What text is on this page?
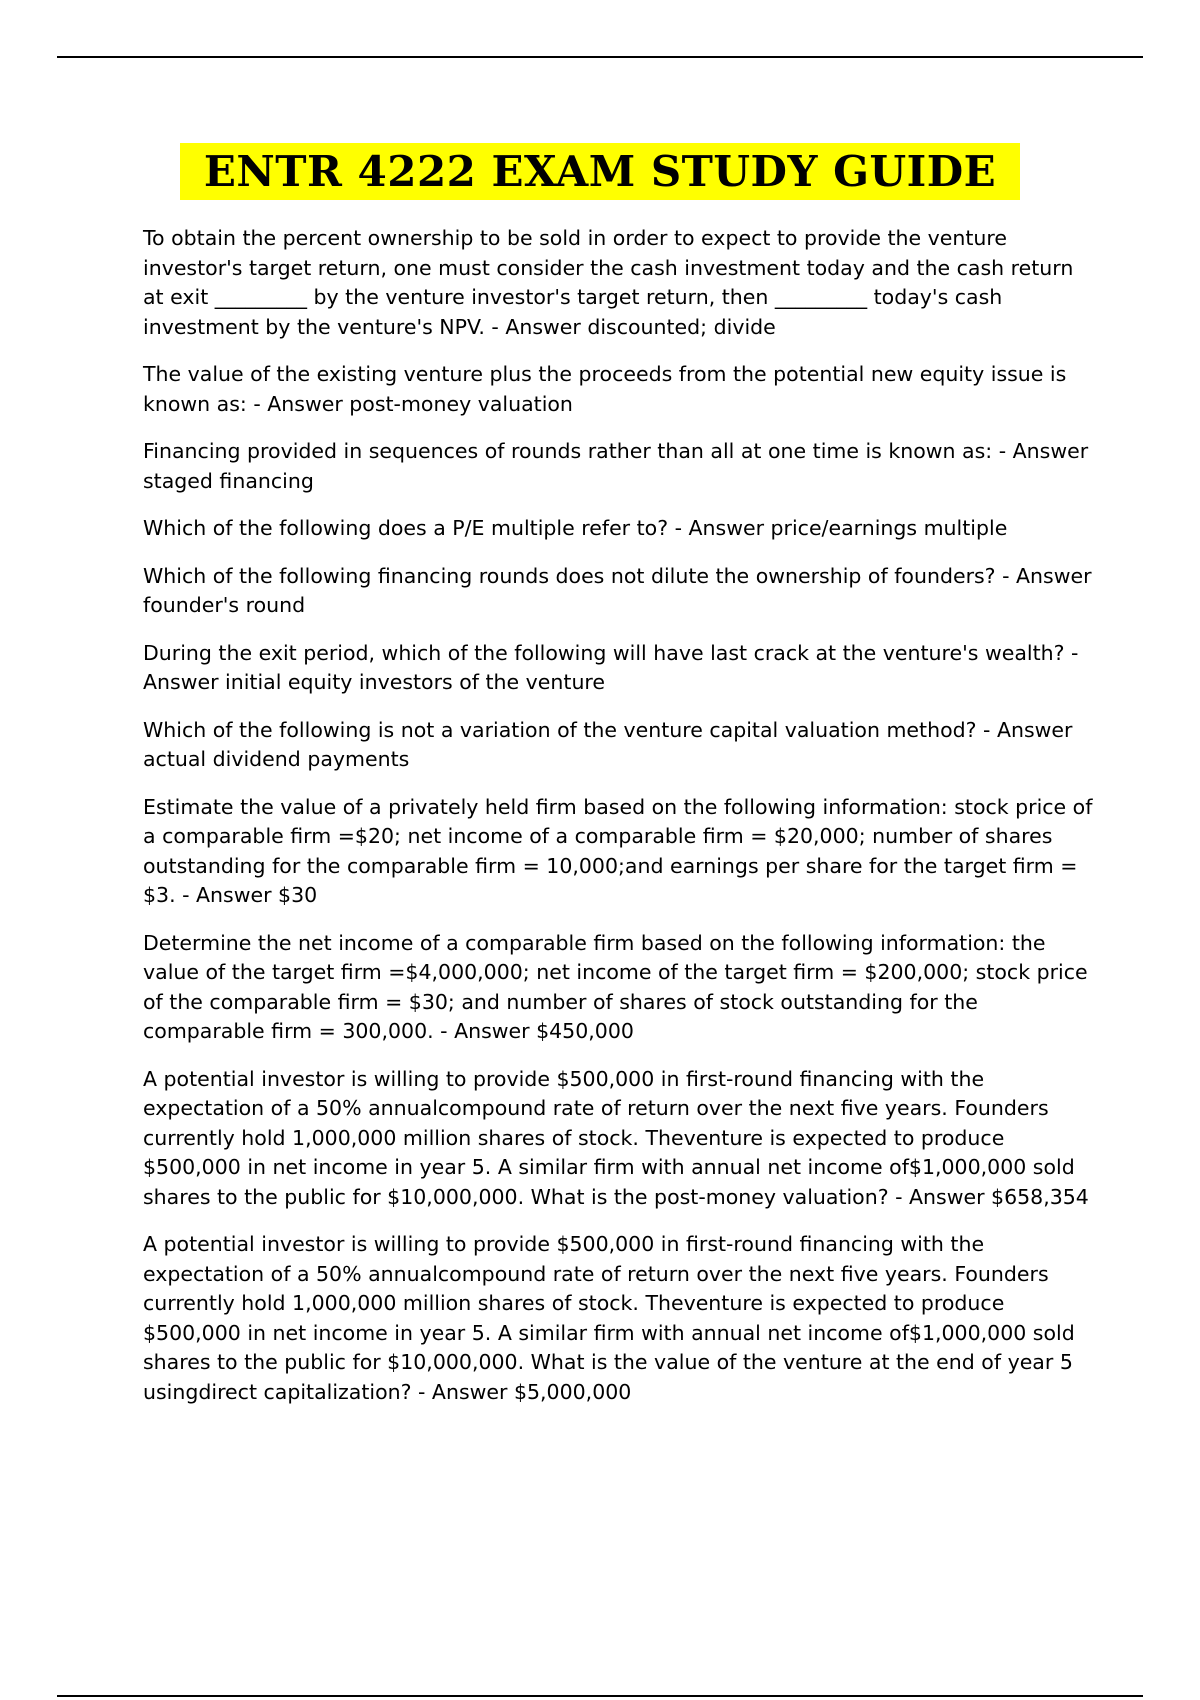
ENTR 4222 EXAM STUDY GUIDE

To obtain the percent ownership to be sold in order to expect to provide the venture investor's target return, one must consider the cash investment today and the cash return at exit _________ by the venture investor's target return, then _________ today's cash investment by the venture's NPV. - Answer discounted; divide

The value of the existing venture plus the proceeds from the potential new equity issue is known as: - Answer post-money valuation

Financing provided in sequences of rounds rather than all at one time is known as: - Answer staged financing

Which of the following does a P/E multiple refer to? - Answer price/earnings multiple

Which of the following financing rounds does not dilute the ownership of founders? - Answer founder's round

During the exit period, which of the following will have last crack at the venture's wealth? - Answer initial equity investors of the venture

Which of the following is not a variation of the venture capital valuation method? - Answer actual dividend payments

Estimate the value of a privately held firm based on the following information: stock price of a comparable firm =$20; net income of a comparable firm = $20,000; number of shares outstanding for the comparable firm = 10,000;and earnings per share for the target firm = $3. - Answer $30

Determine the net income of a comparable firm based on the following information: the value of the target firm =$4,000,000; net income of the target firm = $200,000; stock price of the comparable firm = $30; and number of shares of stock outstanding for the comparable firm = 300,000. - Answer $450,000

A potential investor is willing to provide $500,000 in first-round financing with the expectation of a 50% annualcompound rate of return over the next five years. Founders currently hold 1,000,000 million shares of stock. Theventure is expected to produce $500,000 in net income in year 5. A similar firm with annual net income of$1,000,000 sold shares to the public for $10,000,000. What is the post-money valuation? - Answer $658,354

A potential investor is willing to provide $500,000 in first-round financing with the expectation of a 50% annualcompound rate of return over the next five years. Founders currently hold 1,000,000 million shares of stock. Theventure is expected to produce $500,000 in net income in year 5. A similar firm with annual net income of$1,000,000 sold shares to the public for $10,000,000. What is the value of the venture at the end of year 5 usingdirect capitalization? - Answer $5,000,000
